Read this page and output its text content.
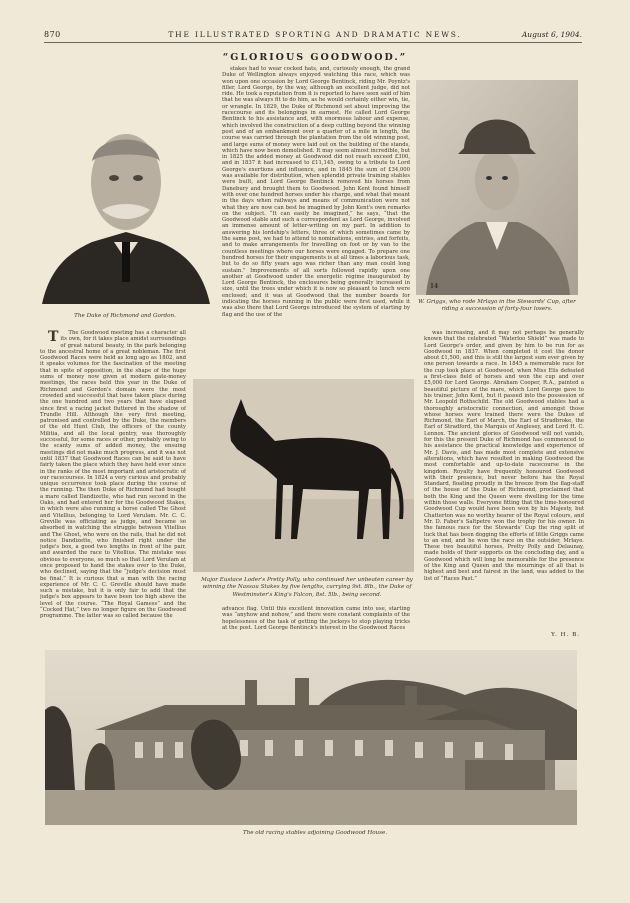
870	THE ILLUSTRATED SPORTING AND DRAMATIC NEWS.	August 6, 1904.
“GLORIOUS GOODWOOD.”
The Duke of Richmond and Gordon.
14
W. Griggs, who rode Mrlayo in the Stewards' Cup, after riding a succession of forty-four losers.

T The Goodwood meeting has a character all its own, for it takes place amidst surroundings of great natural beauty, in the park belonging to the ancestral home of a great nobleman. The first Goodwood Races were held as long ago as 1802, and it speaks volumes for the fascination of the meeting that in spite of opposition, in the shape of the huge sums of money now given at modern gate-money meetings, the races held this year in the Duke of Richmond and Gordon's domain were the most crowded and successful that have taken place during the one hundred and two years that have elapsed since first a racing jacket fluttered in the shadow of Trundle Hill. Although the very first meeting, patronised and controlled by the Duke, the members of the old Hunt Club, the officers of the county Militia, and all the local gentry, was thoroughly successful, for some races or other, probably owing to the scanty sums of added money, the ensuing meetings did not make much progress, and it was not until 1837 that Goodwood Races can be said to have fairly taken the place which they have held ever since in the ranks of the most important and aristocratic of our racecourses. In 1824 a very curious and probably unique occurrence took place during the course of the running. The then Duke of Richmond had bought a mare called Dandizette, who had run second in the Oaks, and had entered her for the Goodwood Stakes, in which were also running a horse called The Ghost and Vitellius, belonging to Lord Verulam. Mr. C. C. Greville was officiating as judge, and became so absorbed in watching the struggle between Vitellius and The Ghost, who were on the rails, that he did not notice Dandizette, who finished right under the judge's box, a good two lengths in front of the pair, and awarded the race to Vitellius. The mistake was obvious to everyone, so much so that Lord Verulam at once proposed to hand the stakes over to the Duke, who declined, saying that the “judge's decision must be final.” It is curious that a man with the racing experience of Mr. C. C. Greville should have made such a mistake, but it is only fair to add that the judge's box appears to have been too high above the level of the course. “The Royal Gamess” and the “Cocked Hat,” two no longer figure on the Goodwood programme. The latter was so called because the

stakes had to wear cocked hats, and, curiously enough, the grand Duke of Wellington always enjoyed watching this race, which was won upon one occasion by Lord George Bentinck, riding Mr. Poyntz's filler, Lord George, by the way, although an excellent judge, did not ride. He took a reputation from it is reported to have seen said of him that he was always fit to do him, as he would certainly either win, tie, or wrangle. In 1829, the Duke of Richmond set about improving the racecourse and its belongings in earnest. He called Lord George Bentinck to his assistance and, with enormous labour and expense, which involved the construction of a deep cutting beyond the winning post and of an embankment over a quarter of a mile in length, the course was carried through the plantation from the old winning post, and large sums of money were laid out on the building of the stands, which have now been demolished. It may seem almost incredible, but in 1825 the added money at Goodwood did not reach exceed £300, and in 1837 it had increased to £11,145, owing to a tribute to Lord George's exertions and influence, and in 1845 the sum of £34,000 was available for distribution, when splendid private training stables were built, and Lord George Bentinck removed his horses from Danebury and brought them to Goodwood. John Kent found himself with over one hundred horses under his charge, and what that meant in the days when railways and means of communication were not what they are now can best be imagined by John Kent's own remarks on the subject. “It can easily be imagined,” he says, “that the Goodwood stable and such a correspondent as Lord George, involved an immense amount of letter-writing on my part. In addition to answering his lordship's letters, three of which sometimes came by the same post, we had to attend to nominations, entries, and forfeits, and to make arrangements for travelling on foot or by van to the countless meetings where our horses were engaged. To prepare one hundred horses for their engagements is at all times a laborious task, but to do so fifty years ago was richer than any man could long sustain.” Improvements of all sorts followed rapidly upon one another at Goodwood under the energetic régime inaugurated by Lord George Bentinck, the enclosures being generally increased in size, until the trees under which it is now so pleasant to lunch were enclosed; and it was at Goodwood that the number boards for indicating the horses running in the public were first used, while it was also there that Lord George introduced the system of starting by flag and the use of the

was increasing, and it may not perhaps be generally known that the celebrated “Waterloo Shield” was made to Lord George's order, and given by him to be run for as Goodwood in 1837. When completed it cost the donor about £1,500, and this is still the largest sum ever given by one person towards a race. In 1845 a memorable race for the cup took place at Goodwood, when Miss Elis defeated a first-class field of horses and won the cup and over £5,000 for Lord George. Abraham Cooper, R.A., painted a beautiful picture of the mare, which Lord George gave to his trainer, John Kent, but it passed into the possession of Mr. Leopold Rothschild. The old Goodwood stables had a thoroughly aristocratic connection, and amongst those whose horses were trained there were the Dukes of Richmond, the Earl of March, the Earl of Stradbroke, the Earl of Stradford, the Marquis of Anglesey, and Lord H. C. Lennox. The ancient glories of Goodwood will not vanish, for this the present Duke of Richmond has commenced to his assistance the practical knowledge and experience of Mr. J. Davis, and has made most complete and extensive alterations, which have resulted in making Goodwood the most comfortable and up-to-date racecourse in the kingdom. Royalty have frequently honoured Goodwood with their presence, but never before has the Royal Standard, floating proudly in the breeze from the flag-staff of the house of the Duke of Richmond, proclaimed that both the King and the Queen were dwelling for the time within those walls. Everyone fitting that the time-honoured Goodwood Cup would have been won by his Majesty, but Chatterton was no worthy bearer of the Royal colours, and Mr. D. Faber's Saltpetre won the trophy for his owner. In the famous race for the Stewards' Cup the ring split of luck that has been dogging the efforts of little Griggs came to an end, and he won the race on the outsider, Mrlayo. These two beautiful horses, Pretty Polly and Delaunay, made holds of their supports on the concluding day, and a Goodwood which will long be memorable for the presence of the King and Queen and the mournings of all that is highest and best and fairest in the land, was added to the list of “Races Past.”

Major Eustace Loder's Pretty Polly, who continued her unbeaten career by winning the Nassau Stakes by five lengths, carrying 9st. 8lb., the Duke of Westminster's King's Falcon, 8st. 5lb., being second.

advance flag. Until this excellent innovation came into use, starting was “anyhow and nohow,” and there were constant complaints of the hopelessness of the task of getting the jockeys to stop playing tricks at the post. Lord George Bentinck's interest in the Goodwood Races

Y. H. B.
The old racing stables adjoining Goodwood House.
